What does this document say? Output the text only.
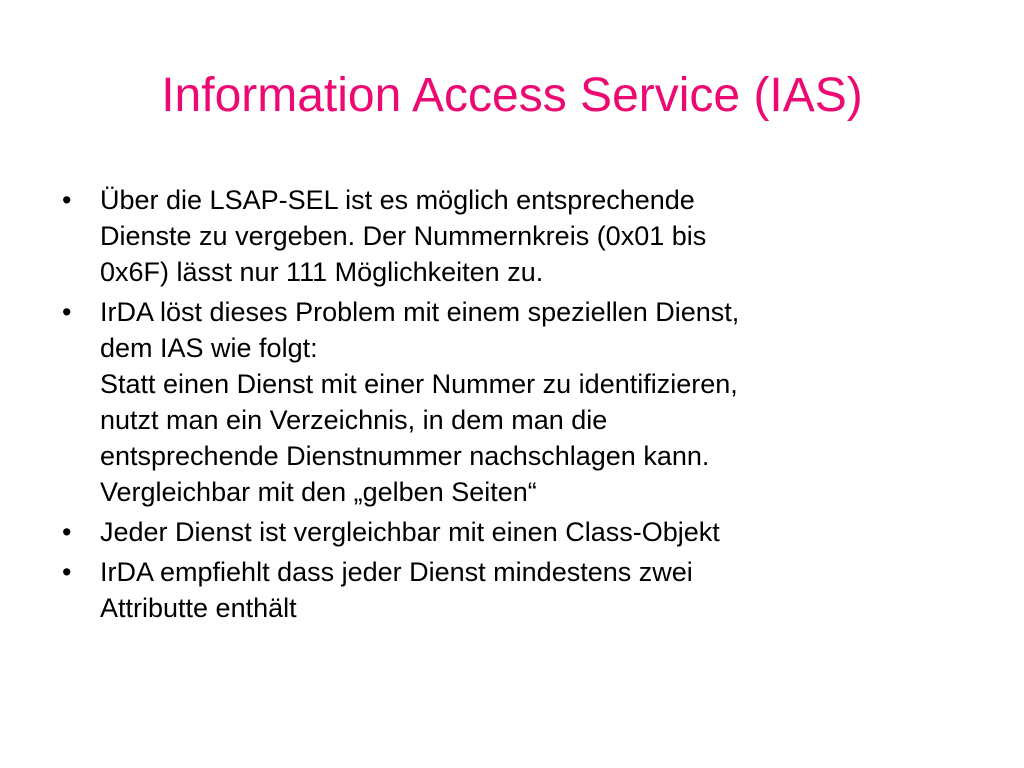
Information Access Service (IAS)
•	Über die LSAP-SEL ist es möglich entsprechende
Dienste zu vergeben. Der Nummernkreis (0x01 bis
0x6F) lässt nur 111 Möglichkeiten zu.
•	IrDA löst dieses Problem mit einem speziellen Dienst,
dem IAS wie folgt:
Statt einen Dienst mit einer Nummer zu identifizieren,
nutzt man ein Verzeichnis, in dem man die
entsprechende Dienstnummer nachschlagen kann.
Vergleichbar mit den „gelben Seiten“
•	Jeder Dienst ist vergleichbar mit einen Class-Objekt
•	IrDA empfiehlt dass jeder Dienst mindestens zwei
Attributte enthält
